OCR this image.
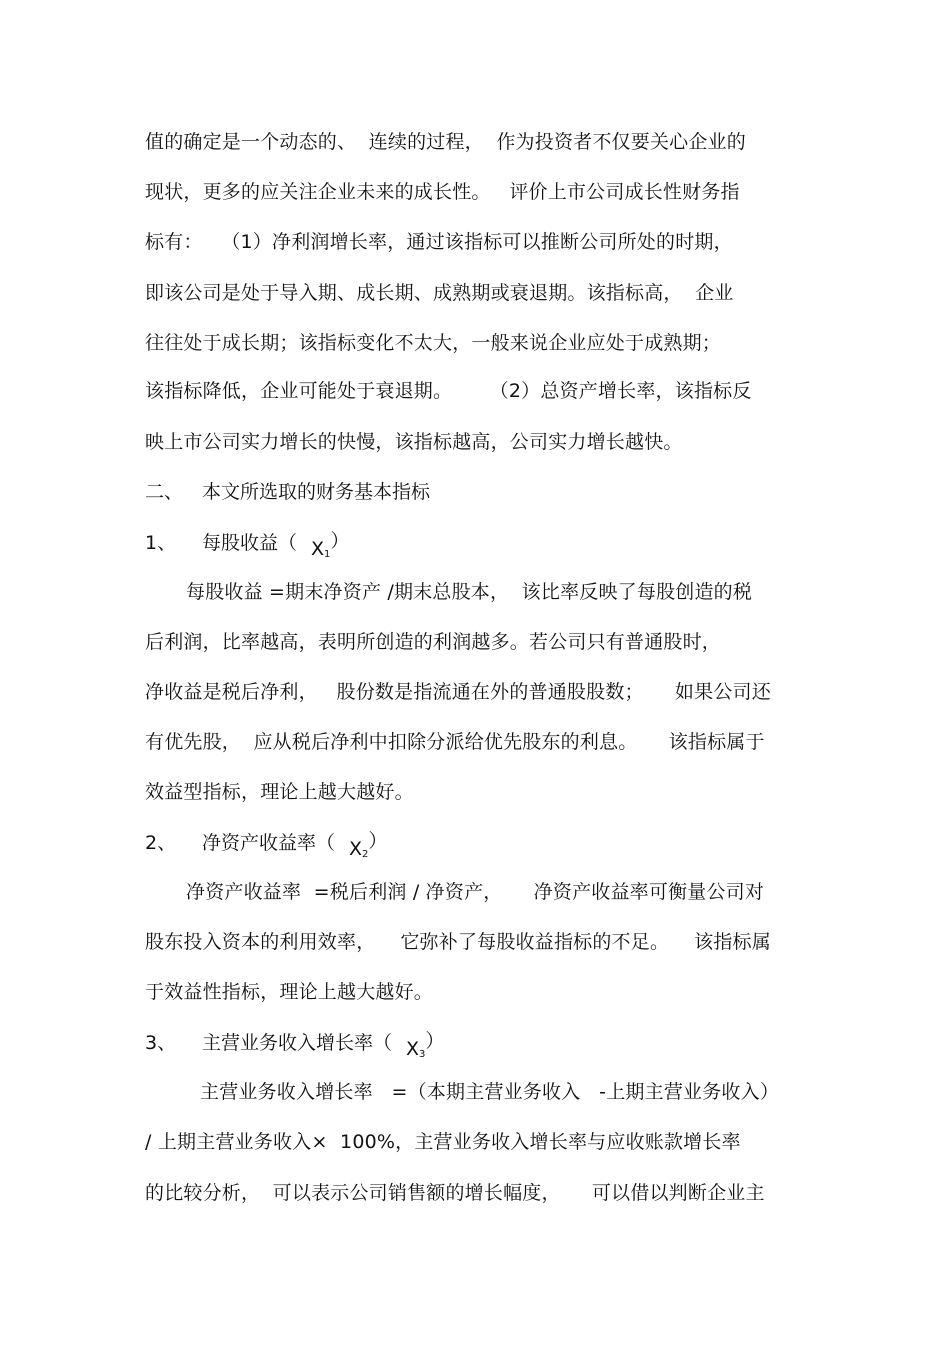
值的确定是一个动态的、  连续的过程，  作为投资者不仅要关心企业的
现状，更多的应关注企业未来的成长性。   评价上市公司成长性财务指
标有：   （1）净利润增长率，通过该指标可以推断公司所处的时期，
即该公司是处于导入期、成长期、成熟期或衰退期。该指标高，  企业
往往处于成长期；该指标变化不太大，一般来说企业应处于成熟期；
该指标降低，企业可能处于衰退期。      （2）总资产增长率，该指标反
映上市公司实力增长的快慢，该指标越高，公司实力增长越快。
二、 本文所选取的财务基本指标
1、 每股收益（ $X_1$）
每股收益 =期末净资产 /期末总股本，  该比率反映了每股创造的税
后利润，比率越高，表明所创造的利润越多。若公司只有普通股时，
净收益是税后净利，   股份数是指流通在外的普通股股数；     如果公司还
有优先股，  应从税后净利中扣除分派给优先股东的利息。     该指标属于
效益型指标，理论上越大越好。
2、 净资产收益率（ $X_2$）
净资产收益率  =税后利润 / 净资产，     净资产收益率可衡量公司对
股东投入资本的利用效率，    它弥补了每股收益指标的不足。    该指标属
于效益性指标，理论上越大越好。
3、 主营业务收入增长率（ $X_3$）
主营业务收入增长率   =（本期主营业务收入   -上期主营业务收入）
/ 上期主营业务收入×  100%，主营业务收入增长率与应收账款增长率
的比较分析，  可以表示公司销售额的增长幅度，     可以借以判断企业主
